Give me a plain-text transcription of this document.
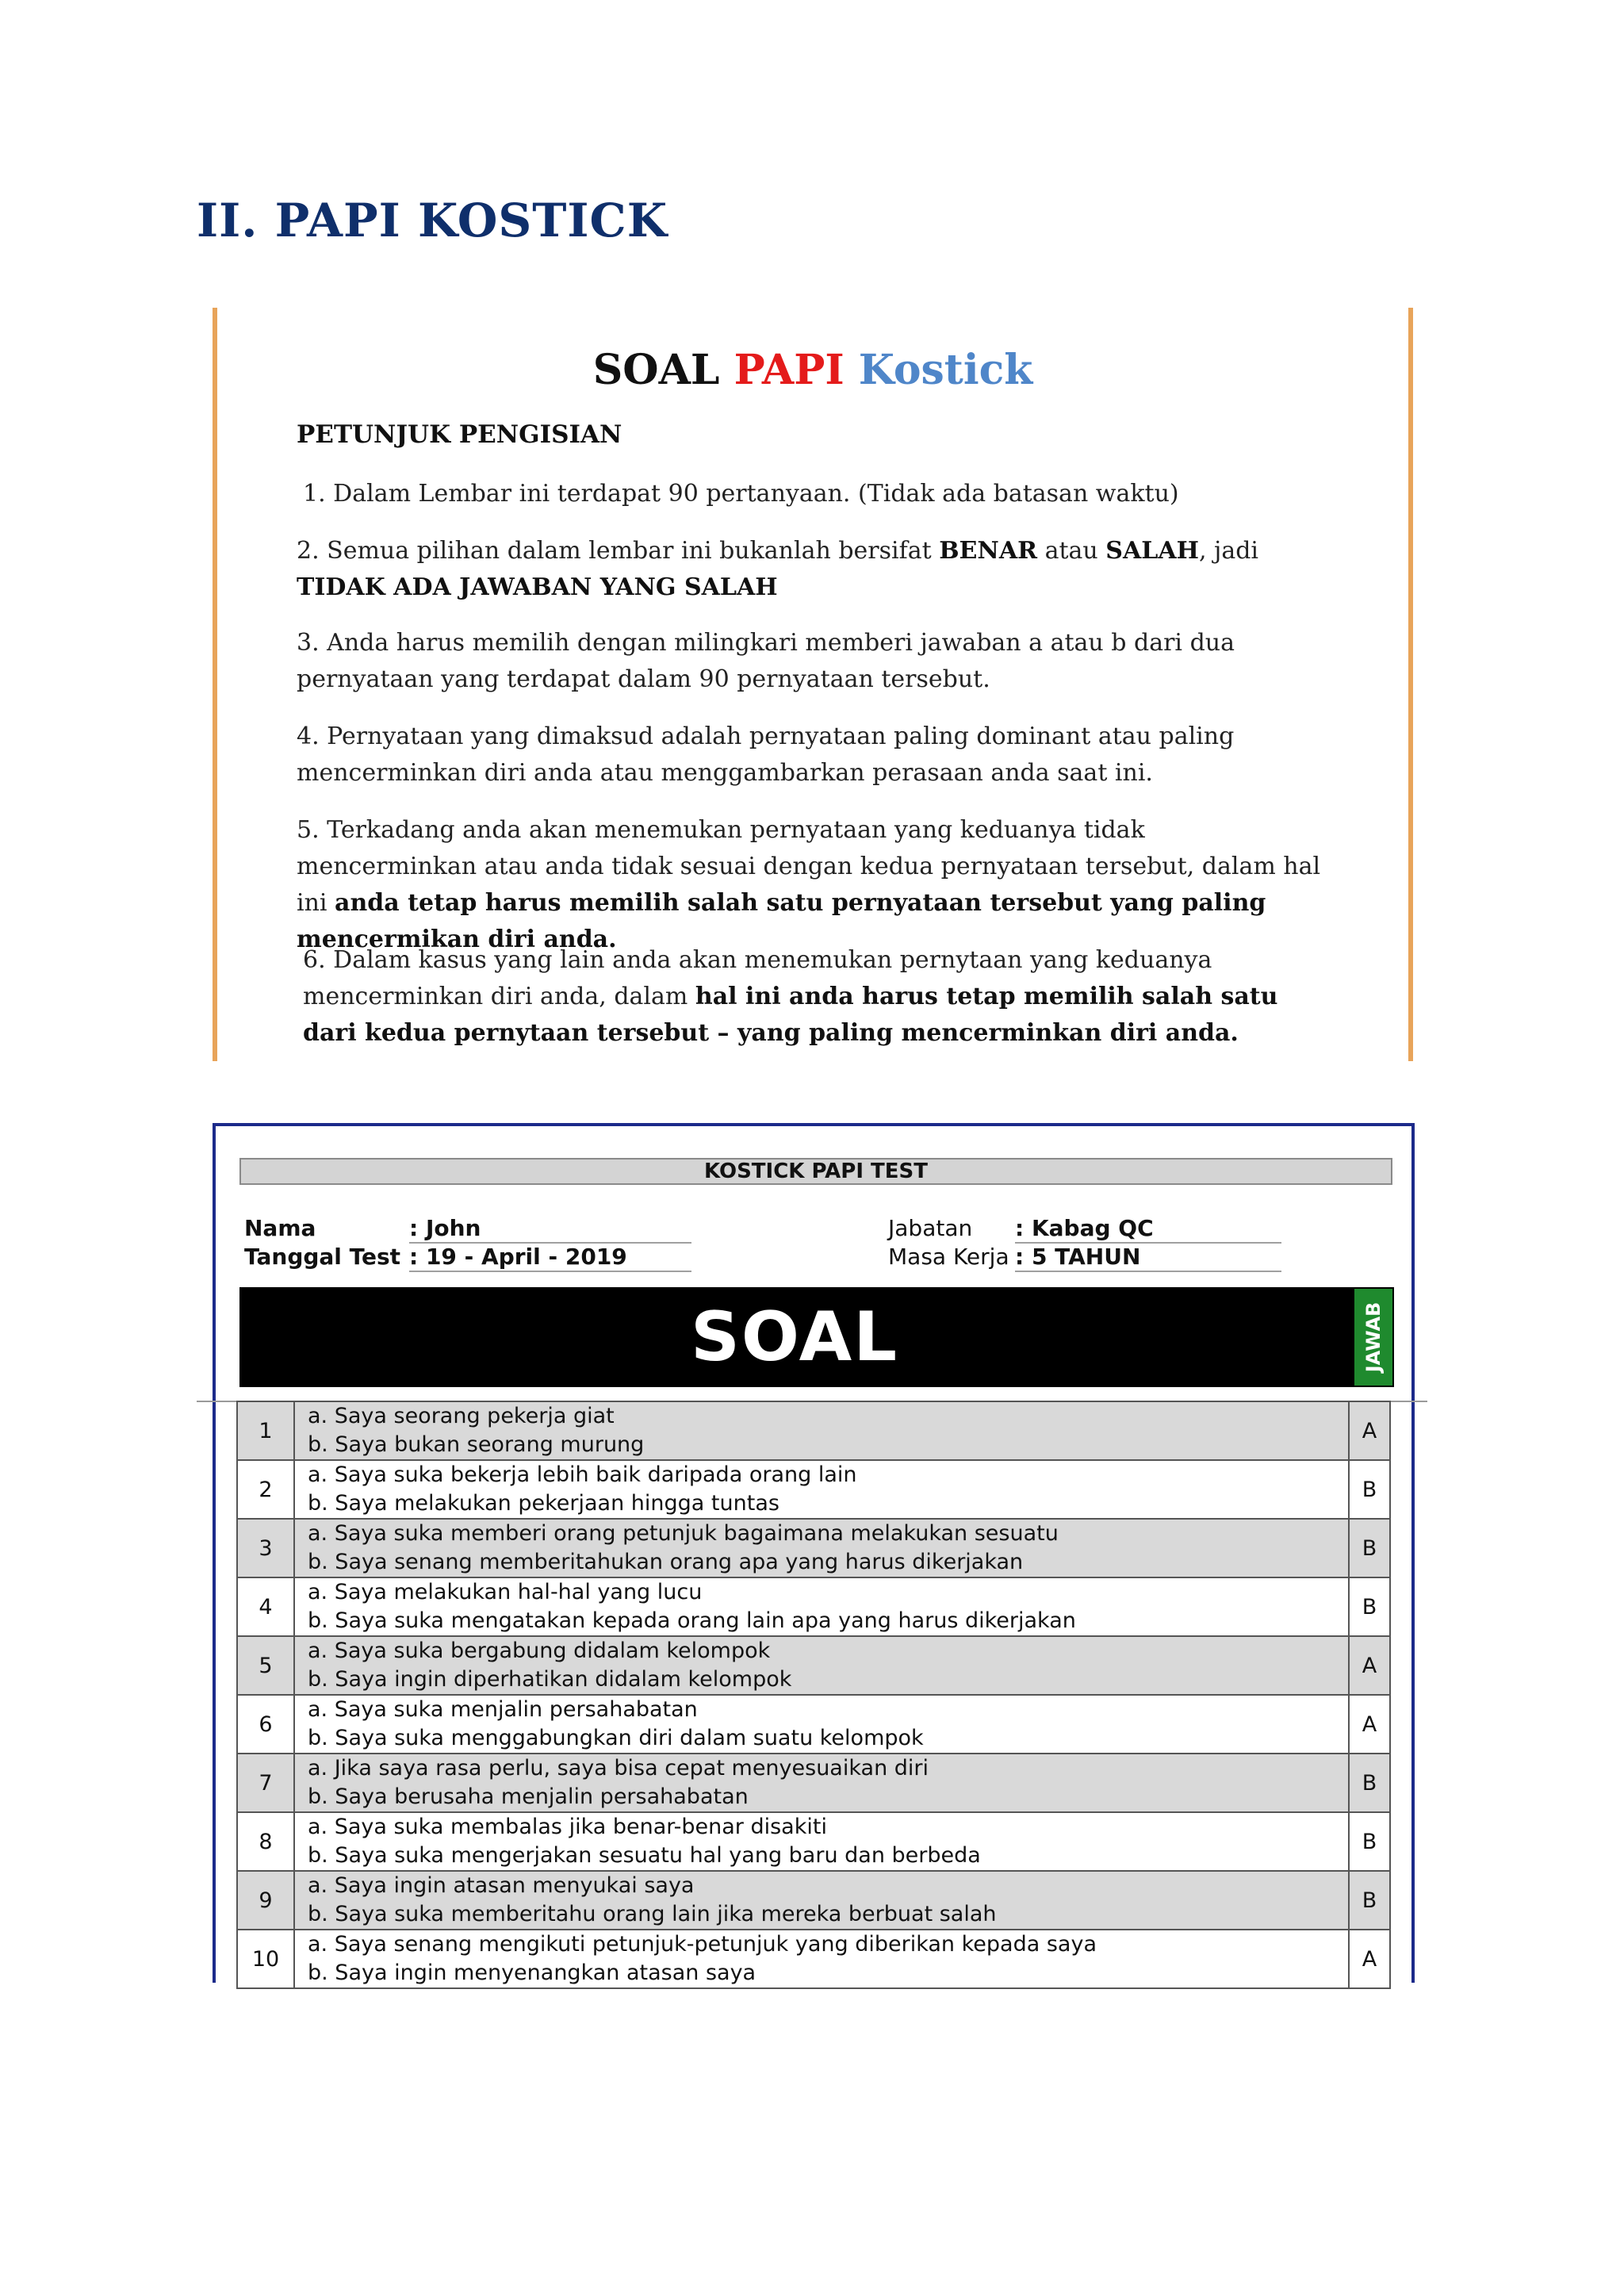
II. PAPI KOSTICK
SOAL PAPI Kostick
PETUNJUK PENGISIAN
1. Dalam Lembar ini terdapat 90 pertanyaan. (Tidak ada batasan waktu)
2. Semua pilihan dalam lembar ini bukanlah bersifat BENAR atau SALAH, jadi TIDAK ADA JAWABAN YANG SALAH
3. Anda harus memilih dengan milingkari memberi jawaban a atau b dari dua pernyataan yang terdapat dalam 90 pernyataan tersebut.
4. Pernyataan yang dimaksud adalah pernyataan paling dominant atau paling mencerminkan diri anda atau menggambarkan perasaan anda saat ini.
5. Terkadang anda akan menemukan pernyataan yang keduanya tidak mencerminkan atau anda tidak sesuai dengan kedua pernyataan tersebut, dalam hal ini anda tetap harus memilih salah satu pernyataan tersebut yang paling mencermikan diri anda.
6. Dalam kasus yang lain anda akan menemukan pernytaan yang keduanya mencerminkan diri anda, dalam hal ini anda harus tetap memilih salah satu dari kedua pernytaan tersebut – yang paling mencerminkan diri anda.
KOSTICK PAPI TEST
Nama	: John
Tanggal Test : 19 - April - 2019
Jabatan : Kabag QC
Masa Kerja : 5 TAHUN
SOAL	JAWAB
1	a. Saya seorang pekerja giat
b. Saya bukan seorang murung	A
2	a. Saya suka bekerja lebih baik daripada orang lain
b. Saya melakukan pekerjaan hingga tuntas	B
3	a. Saya suka memberi orang petunjuk bagaimana melakukan sesuatu
b. Saya senang memberitahukan orang apa yang harus dikerjakan	B
4	a. Saya melakukan hal-hal yang lucu
b. Saya suka mengatakan kepada orang lain apa yang harus dikerjakan	B
5	a. Saya suka bergabung didalam kelompok
b. Saya ingin diperhatikan didalam kelompok	A
6	a. Saya suka menjalin persahabatan
b. Saya suka menggabungkan diri dalam suatu kelompok	A
7	a. Jika saya rasa perlu, saya bisa cepat menyesuaikan diri
b. Saya berusaha menjalin persahabatan	B
8	a. Saya suka membalas jika benar-benar disakiti
b. Saya suka mengerjakan sesuatu hal yang baru dan berbeda	B
9	a. Saya ingin atasan menyukai saya
b. Saya suka memberitahu orang lain jika mereka berbuat salah	B
10	a. Saya senang mengikuti petunjuk-petunjuk yang diberikan kepada saya
b. Saya ingin menyenangkan atasan saya	A
